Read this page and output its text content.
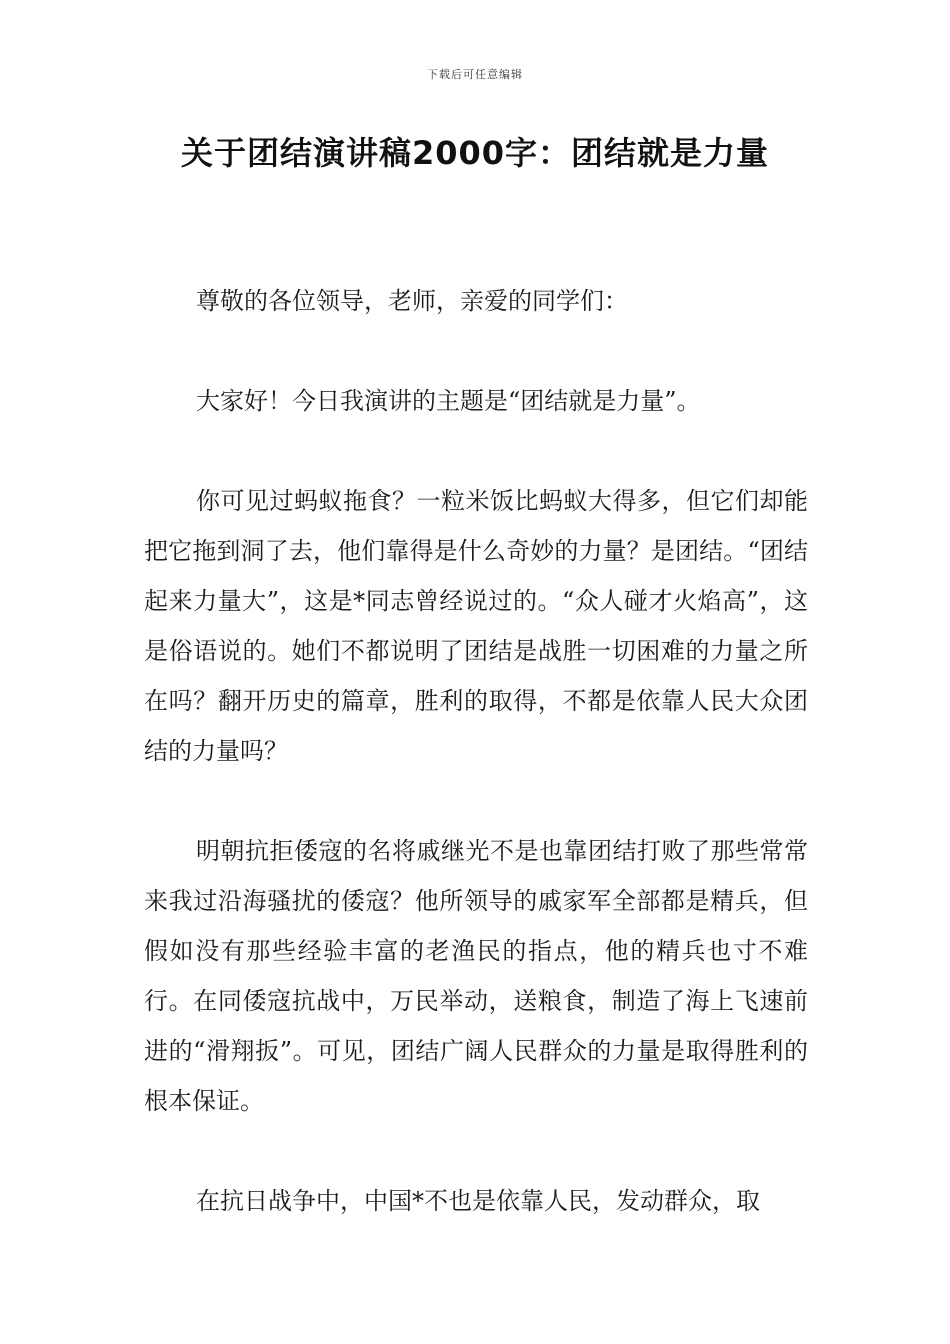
下载后可任意编辑
关于团结演讲稿2000字：团结就是力量

尊敬的各位领导，老师，亲爱的同学们：

大家好！今日我演讲的主题是“团结就是力量”。

你可见过蚂蚁拖食？一粒米饭比蚂蚁大得多，但它们却能把它拖到洞了去，他们靠得是什么奇妙的力量？是团结。“团结起来力量大”，这是*同志曾经说过的。“众人碰才火焰高”，这是俗语说的。她们不都说明了团结是战胜一切困难的力量之所在吗？翻开历史的篇章，胜利的取得，不都是依靠人民大众团结的力量吗？

明朝抗拒倭寇的名将戚继光不是也靠团结打败了那些常常来我过沿海骚扰的倭寇？他所领导的戚家军全部都是精兵，但假如没有那些经验丰富的老渔民的指点，他的精兵也寸不难行。在同倭寇抗战中，万民举动，送粮食，制造了海上飞速前进的“滑翔扳”。可见，团结广阔人民群众的力量是取得胜利的根本保证。

在抗日战争中，中国*不也是依靠人民，发动群众，取
